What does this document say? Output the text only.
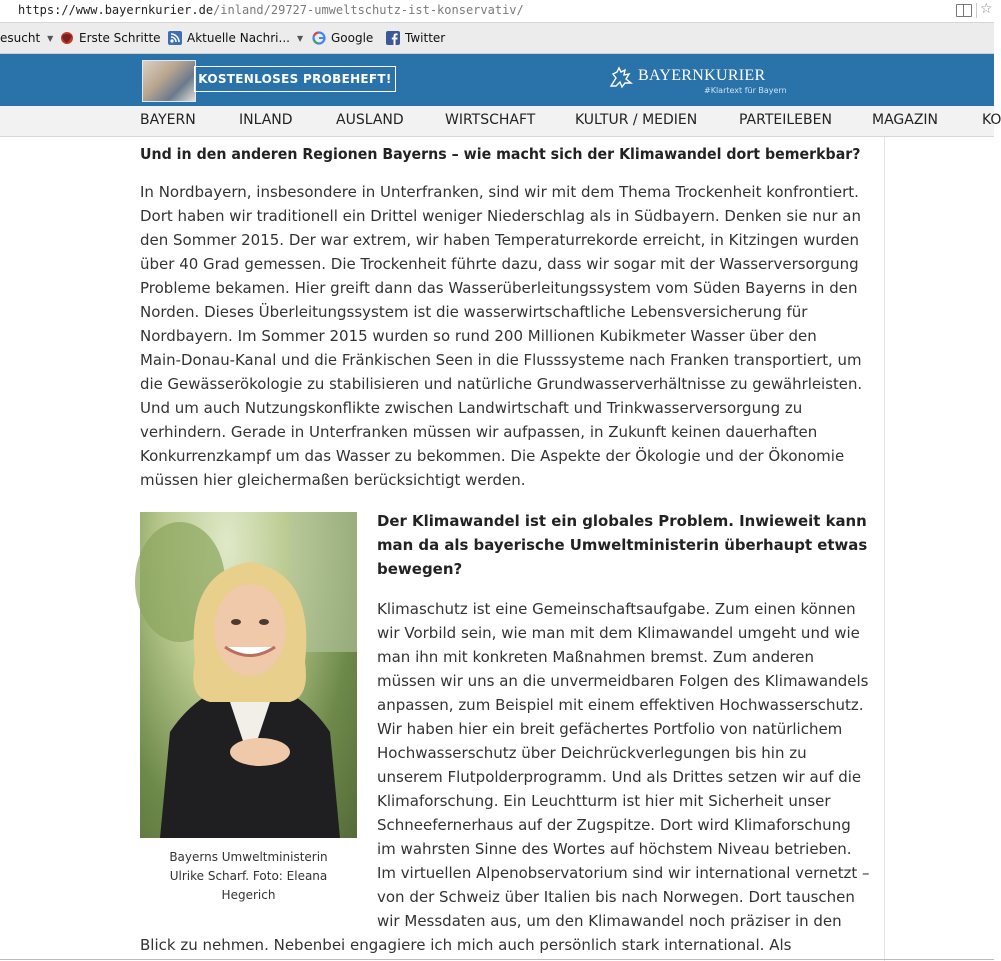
https://www.bayernkurier.de/inland/29727-umweltschutz-ist-konservativ/	☆
esucht ▼ Erste Schritte Aktuelle Nachri... ▼ Google	Twitter
KOSTENLOSES PROBEHEFT!	BAYERNKURIER
#Klartext für Bayern
BAYERN	INLAND	AUSLAND	WIRTSCHAFT	KULTUR / MEDIEN	PARTEILEBEN	MAGAZIN	KO
Und in den anderen Regionen Bayerns – wie macht sich der Klimawandel dort bemerkbar?
In Nordbayern, insbesondere in Unterfranken, sind wir mit dem Thema Trockenheit konfrontiert.
Dort haben wir traditionell ein Drittel weniger Niederschlag als in Südbayern. Denken sie nur an
den Sommer 2015. Der war extrem, wir haben Temperaturrekorde erreicht, in Kitzingen wurden
über 40 Grad gemessen. Die Trockenheit führte dazu, dass wir sogar mit der Wasserversorgung
Probleme bekamen. Hier greift dann das Wasserüberleitungssystem vom Süden Bayerns in den
Norden. Dieses Überleitungssystem ist die wasserwirtschaftliche Lebensversicherung für
Nordbayern. Im Sommer 2015 wurden so rund 200 Millionen Kubikmeter Wasser über den
Main-Donau-Kanal und die Fränkischen Seen in die Flusssysteme nach Franken transportiert, um
die Gewässerökologie zu stabilisieren und natürliche Grundwasserverhältnisse zu gewährleisten.
Und um auch Nutzungskonflikte zwischen Landwirtschaft und Trinkwasserversorgung zu
verhindern. Gerade in Unterfranken müssen wir aufpassen, in Zukunft keinen dauerhaften
Konkurrenzkampf um das Wasser zu bekommen. Die Aspekte der Ökologie und der Ökonomie
müssen hier gleichermaßen berücksichtigt werden.
Bayerns Umweltministerin
Ulrike Scharf. Foto: Eleana
Hegerich
Der Klimawandel ist ein globales Problem. Inwieweit kann
man da als bayerische Umweltministerin überhaupt etwas
bewegen?
Klimaschutz ist eine Gemeinschaftsaufgabe. Zum einen können
wir Vorbild sein, wie man mit dem Klimawandel umgeht und wie
man ihn mit konkreten Maßnahmen bremst. Zum anderen
müssen wir uns an die unvermeidbaren Folgen des Klimawandels
anpassen, zum Beispiel mit einem effektiven Hochwasserschutz.
Wir haben hier ein breit gefächertes Portfolio von natürlichem
Hochwasserschutz über Deichrückverlegungen bis hin zu
unserem Flutpolderprogramm. Und als Drittes setzen wir auf die
Klimaforschung. Ein Leuchtturm ist hier mit Sicherheit unser
Schneefernerhaus auf der Zugspitze. Dort wird Klimaforschung
im wahrsten Sinne des Wortes auf höchstem Niveau betrieben.
Im virtuellen Alpenobservatorium sind wir international vernetzt –
von der Schweiz über Italien bis nach Norwegen. Dort tauschen
wir Messdaten aus, um den Klimawandel noch präziser in den
Blick zu nehmen. Nebenbei engagiere ich mich auch persönlich stark international. Als
